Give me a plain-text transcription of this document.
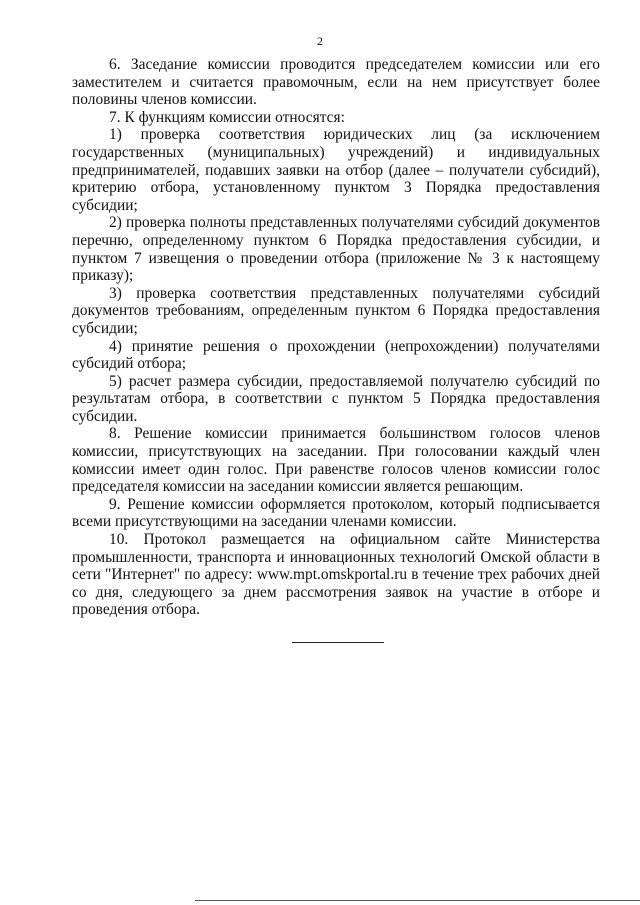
2

6. Заседание комиссии проводится председателем комиссии или его заместителем и считается правомочным, если на нем присутствует более половины членов комиссии.

7. К функциям комиссии относятся:

1) проверка соответствия юридических лиц (за исключением государственных (муниципальных) учреждений) и индивидуальных предпринимателей, подавших заявки на отбор (далее – получатели субсидий), критерию отбора, установленному пунктом 3 Порядка предоставления субсидии;

2) проверка полноты представленных получателями субсидий документов перечню, определенному пунктом 6 Порядка предоставления субсидии, и пунктом 7 извещения о проведении отбора (приложение № 3 к настоящему приказу);

3) проверка соответствия представленных получателями субсидий документов требованиям, определенным пунктом 6 Порядка предоставления субсидии;

4) принятие решения о прохождении (непрохождении) получателями субсидий отбора;

5) расчет размера субсидии, предоставляемой получателю субсидий по результатам отбора, в соответствии с пунктом 5 Порядка предоставления субсидии.

8. Решение комиссии принимается большинством голосов членов комиссии, присутствующих на заседании. При голосовании каждый член комиссии имеет один голос. При равенстве голосов членов комиссии голос председателя комиссии на заседании комиссии является решающим.

9. Решение комиссии оформляется протоколом, который подписывается всеми присутствующими на заседании членами комиссии.

10. Протокол размещается на официальном сайте Министерства промышленности, транспорта и инновационных технологий Омской области в сети "Интернет" по адресу: www.mpt.omskportal.ru в течение трех рабочих дней со дня, следующего за днем рассмотрения заявок на участие в отборе и проведения отбора.
